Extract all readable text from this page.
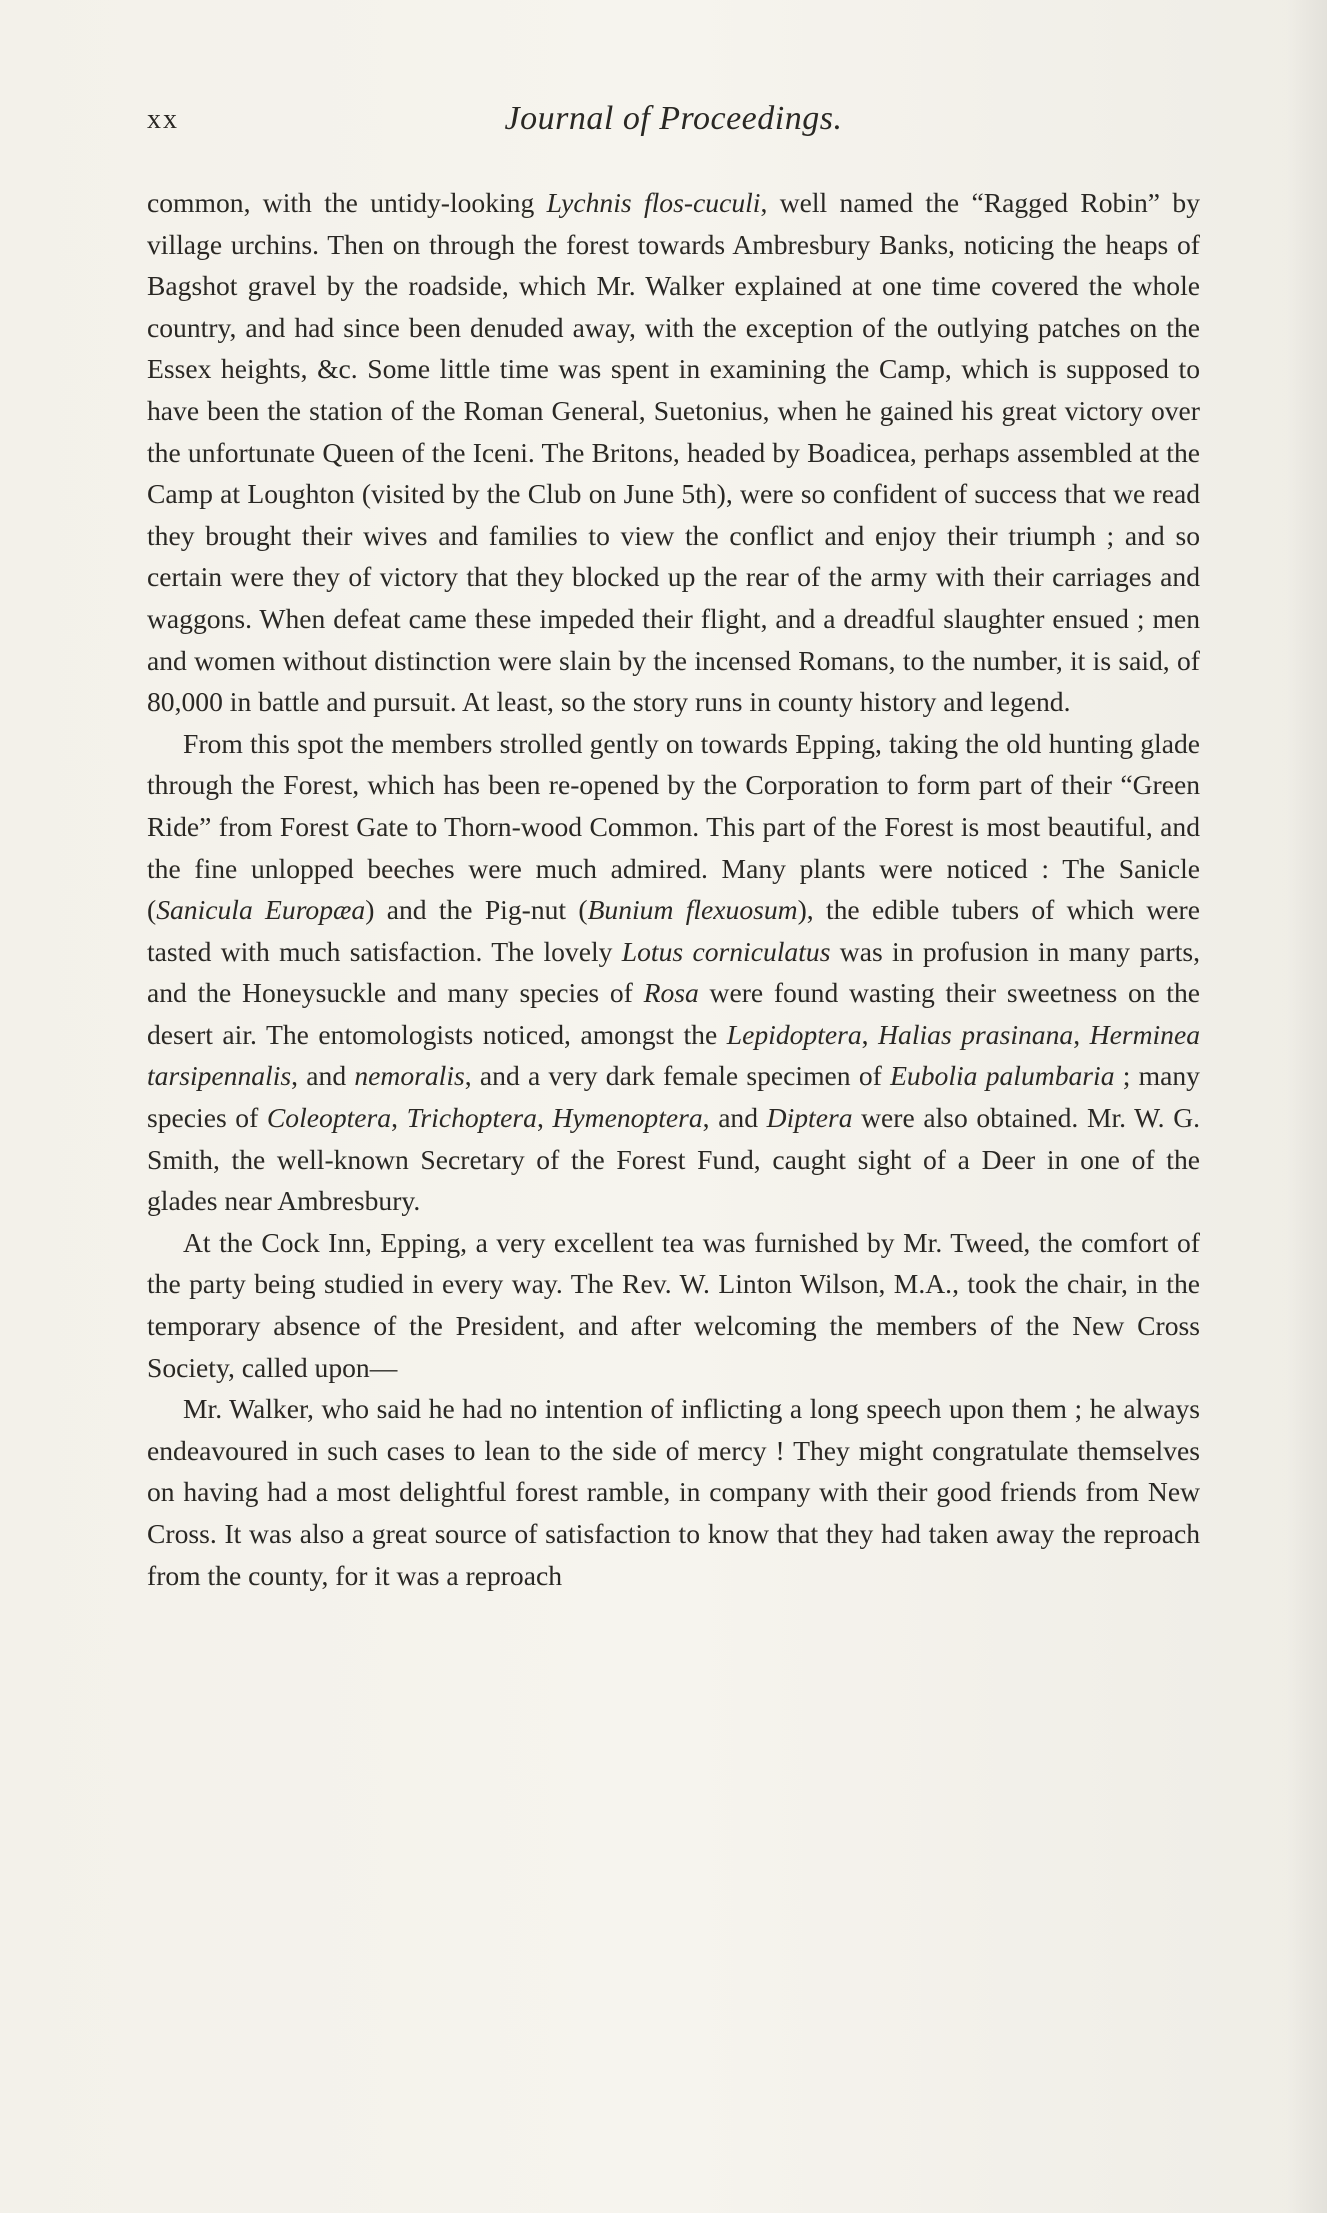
xx	Journal of Proceedings.

common, with the untidy-looking Lychnis flos-cuculi, well named the “Ragged Robin” by village urchins. Then on through the forest towards Ambresbury Banks, noticing the heaps of Bagshot gravel by the roadside, which Mr. Walker explained at one time covered the whole country, and had since been denuded away, with the exception of the outlying patches on the Essex heights, &c. Some little time was spent in examining the Camp, which is supposed to have been the station of the Roman General, Suetonius, when he gained his great victory over the unfortunate Queen of the Iceni. The Britons, headed by Boadicea, perhaps assembled at the Camp at Loughton (visited by the Club on June 5th), were so confident of success that we read they brought their wives and families to view the conflict and enjoy their triumph ; and so certain were they of victory that they blocked up the rear of the army with their carriages and waggons. When defeat came these impeded their flight, and a dreadful slaughter ensued ; men and women without distinction were slain by the incensed Romans, to the number, it is said, of 80,000 in battle and pursuit. At least, so the story runs in county history and legend.

From this spot the members strolled gently on towards Epping, taking the old hunting glade through the Forest, which has been re-opened by the Corporation to form part of their “Green Ride” from Forest Gate to Thorn-wood Common. This part of the Forest is most beautiful, and the fine unlopped beeches were much admired. Many plants were noticed : The Sanicle (Sanicula Europæa) and the Pig-nut (Bunium flexuosum), the edible tubers of which were tasted with much satisfaction. The lovely Lotus corniculatus was in profusion in many parts, and the Honeysuckle and many species of Rosa were found wasting their sweetness on the desert air. The entomologists noticed, amongst the Lepidoptera, Halias prasinana, Herminea tarsipennalis, and nemoralis, and a very dark female specimen of Eubolia palumbaria ; many species of Coleoptera, Trichoptera, Hymenoptera, and Diptera were also obtained. Mr. W. G. Smith, the well-known Secretary of the Forest Fund, caught sight of a Deer in one of the glades near Ambresbury.

At the Cock Inn, Epping, a very excellent tea was furnished by Mr. Tweed, the comfort of the party being studied in every way. The Rev. W. Linton Wilson, M.A., took the chair, in the temporary absence of the President, and after welcoming the members of the New Cross Society, called upon—

Mr. Walker, who said he had no intention of inflicting a long speech upon them ; he always endeavoured in such cases to lean to the side of mercy ! They might congratulate themselves on having had a most delightful forest ramble, in company with their good friends from New Cross. It was also a great source of satisfaction to know that they had taken away the reproach from the county, for it was a reproach
